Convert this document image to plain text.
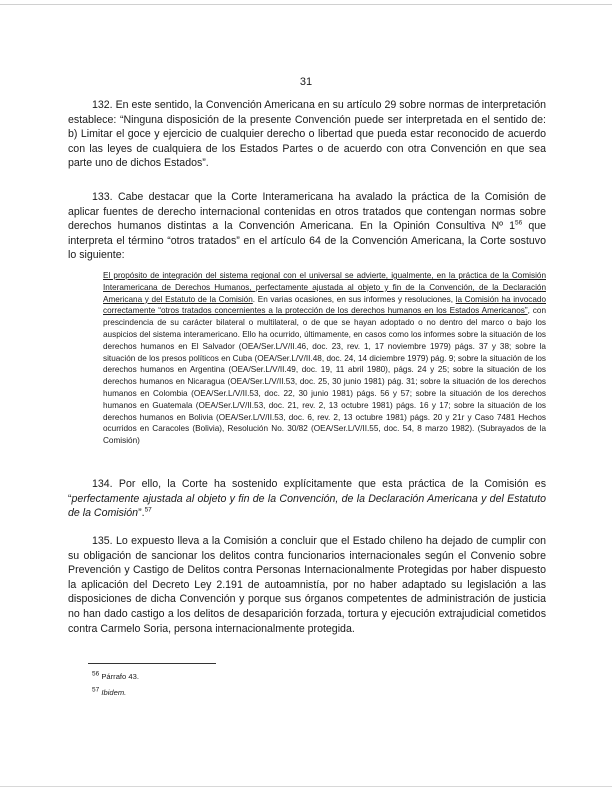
31

132. En este sentido, la Convención Americana en su artículo 29 sobre normas de interpretación establece: “Ninguna disposición de la presente Convención puede ser interpretada en el sentido de: b) Limitar el goce y ejercicio de cualquier derecho o libertad que pueda estar reconocido de acuerdo con las leyes de cualquiera de los Estados Partes o de acuerdo con otra Convención en que sea parte uno de dichos Estados”.

133. Cabe destacar que la Corte Interamericana ha avalado la práctica de la Comisión de aplicar fuentes de derecho internacional contenidas en otros tratados que contengan normas sobre derechos humanos distintas a la Convención Americana. En la Opinión Consultiva Nº $1^{56}$ que interpreta el término “otros tratados” en el artículo 64 de la Convención Americana, la Corte sostuvo lo siguiente:

El propósito de integración del sistema regional con el universal se advierte, igualmente, en la práctica de la Comisión Interamericana de Derechos Humanos, perfectamente ajustada al objeto y fin de la Convención, de la Declaración Americana y del Estatuto de la Comisión. En varias ocasiones, en sus informes y resoluciones, la Comisión ha invocado correctamente “otros tratados concernientes a la protección de los derechos humanos en los Estados Americanos”, con prescindencia de su carácter bilateral o multilateral, o de que se hayan adoptado o no dentro del marco o bajo los auspicios del sistema interamericano. Ello ha ocurrido, últimamente, en casos como los informes sobre la situación de los derechos humanos en El Salvador (OEA/Ser.L/V/II.46, doc. 23, rev. 1, 17 noviembre 1979) págs. 37 y 38; sobre la situación de los presos políticos en Cuba (OEA/Ser.L/V/II.48, doc. 24, 14 diciembre 1979) pág. 9; sobre la situación de los derechos humanos en Argentina (OEA/Ser.L/V/II.49, doc. 19, 11 abril 1980), págs. 24 y 25; sobre la situación de los derechos humanos en Nicaragua (OEA/Ser.L/V/II.53, doc. 25, 30 junio 1981) pág. 31; sobre la situación de los derechos humanos en Colombia (OEA/Ser.L/V/II.53, doc. 22, 30 junio 1981) págs. 56 y 57; sobre la situación de los derechos humanos en Guatemala (OEA/Ser.L/V/II.53, doc. 21, rev. 2, 13 octubre 1981) págs. 16 y 17; sobre la situación de los derechos humanos en Bolivia (OEA/Ser.L/V/II.53, doc. 6, rev. 2, 13 octubre 1981) págs. 20 y 21r y Caso 7481 Hechos ocurridos en Caracoles (Bolivia), Resolución No. 30/82 (OEA/Ser.L/V/II.55, doc. 54, 8 marzo 1982). (Subrayados de la Comisión)

134. Por ello, la Corte ha sostenido explícitamente que esta práctica de la Comisión es “perfectamente ajustada al objeto y fin de la Convención, de la Declaración Americana y del Estatuto de la Comisión”.$^{57}$

135. Lo expuesto lleva a la Comisión a concluir que el Estado chileno ha dejado de cumplir con su obligación de sancionar los delitos contra funcionarios internacionales según el Convenio sobre Prevención y Castigo de Delitos contra Personas Internacionalmente Protegidas por haber dispuesto la aplicación del Decreto Ley 2.191 de autoamnistía, por no haber adaptado su legislación a las disposiciones de dicha Convención y porque sus órganos competentes de administración de justicia no han dado castigo a los delitos de desaparición forzada, tortura y ejecución extrajudicial cometidos contra Carmelo Soria, persona internacionalmente protegida.

$^{56}$ Párrafo 43.

$^{57}$ Ibidem.
